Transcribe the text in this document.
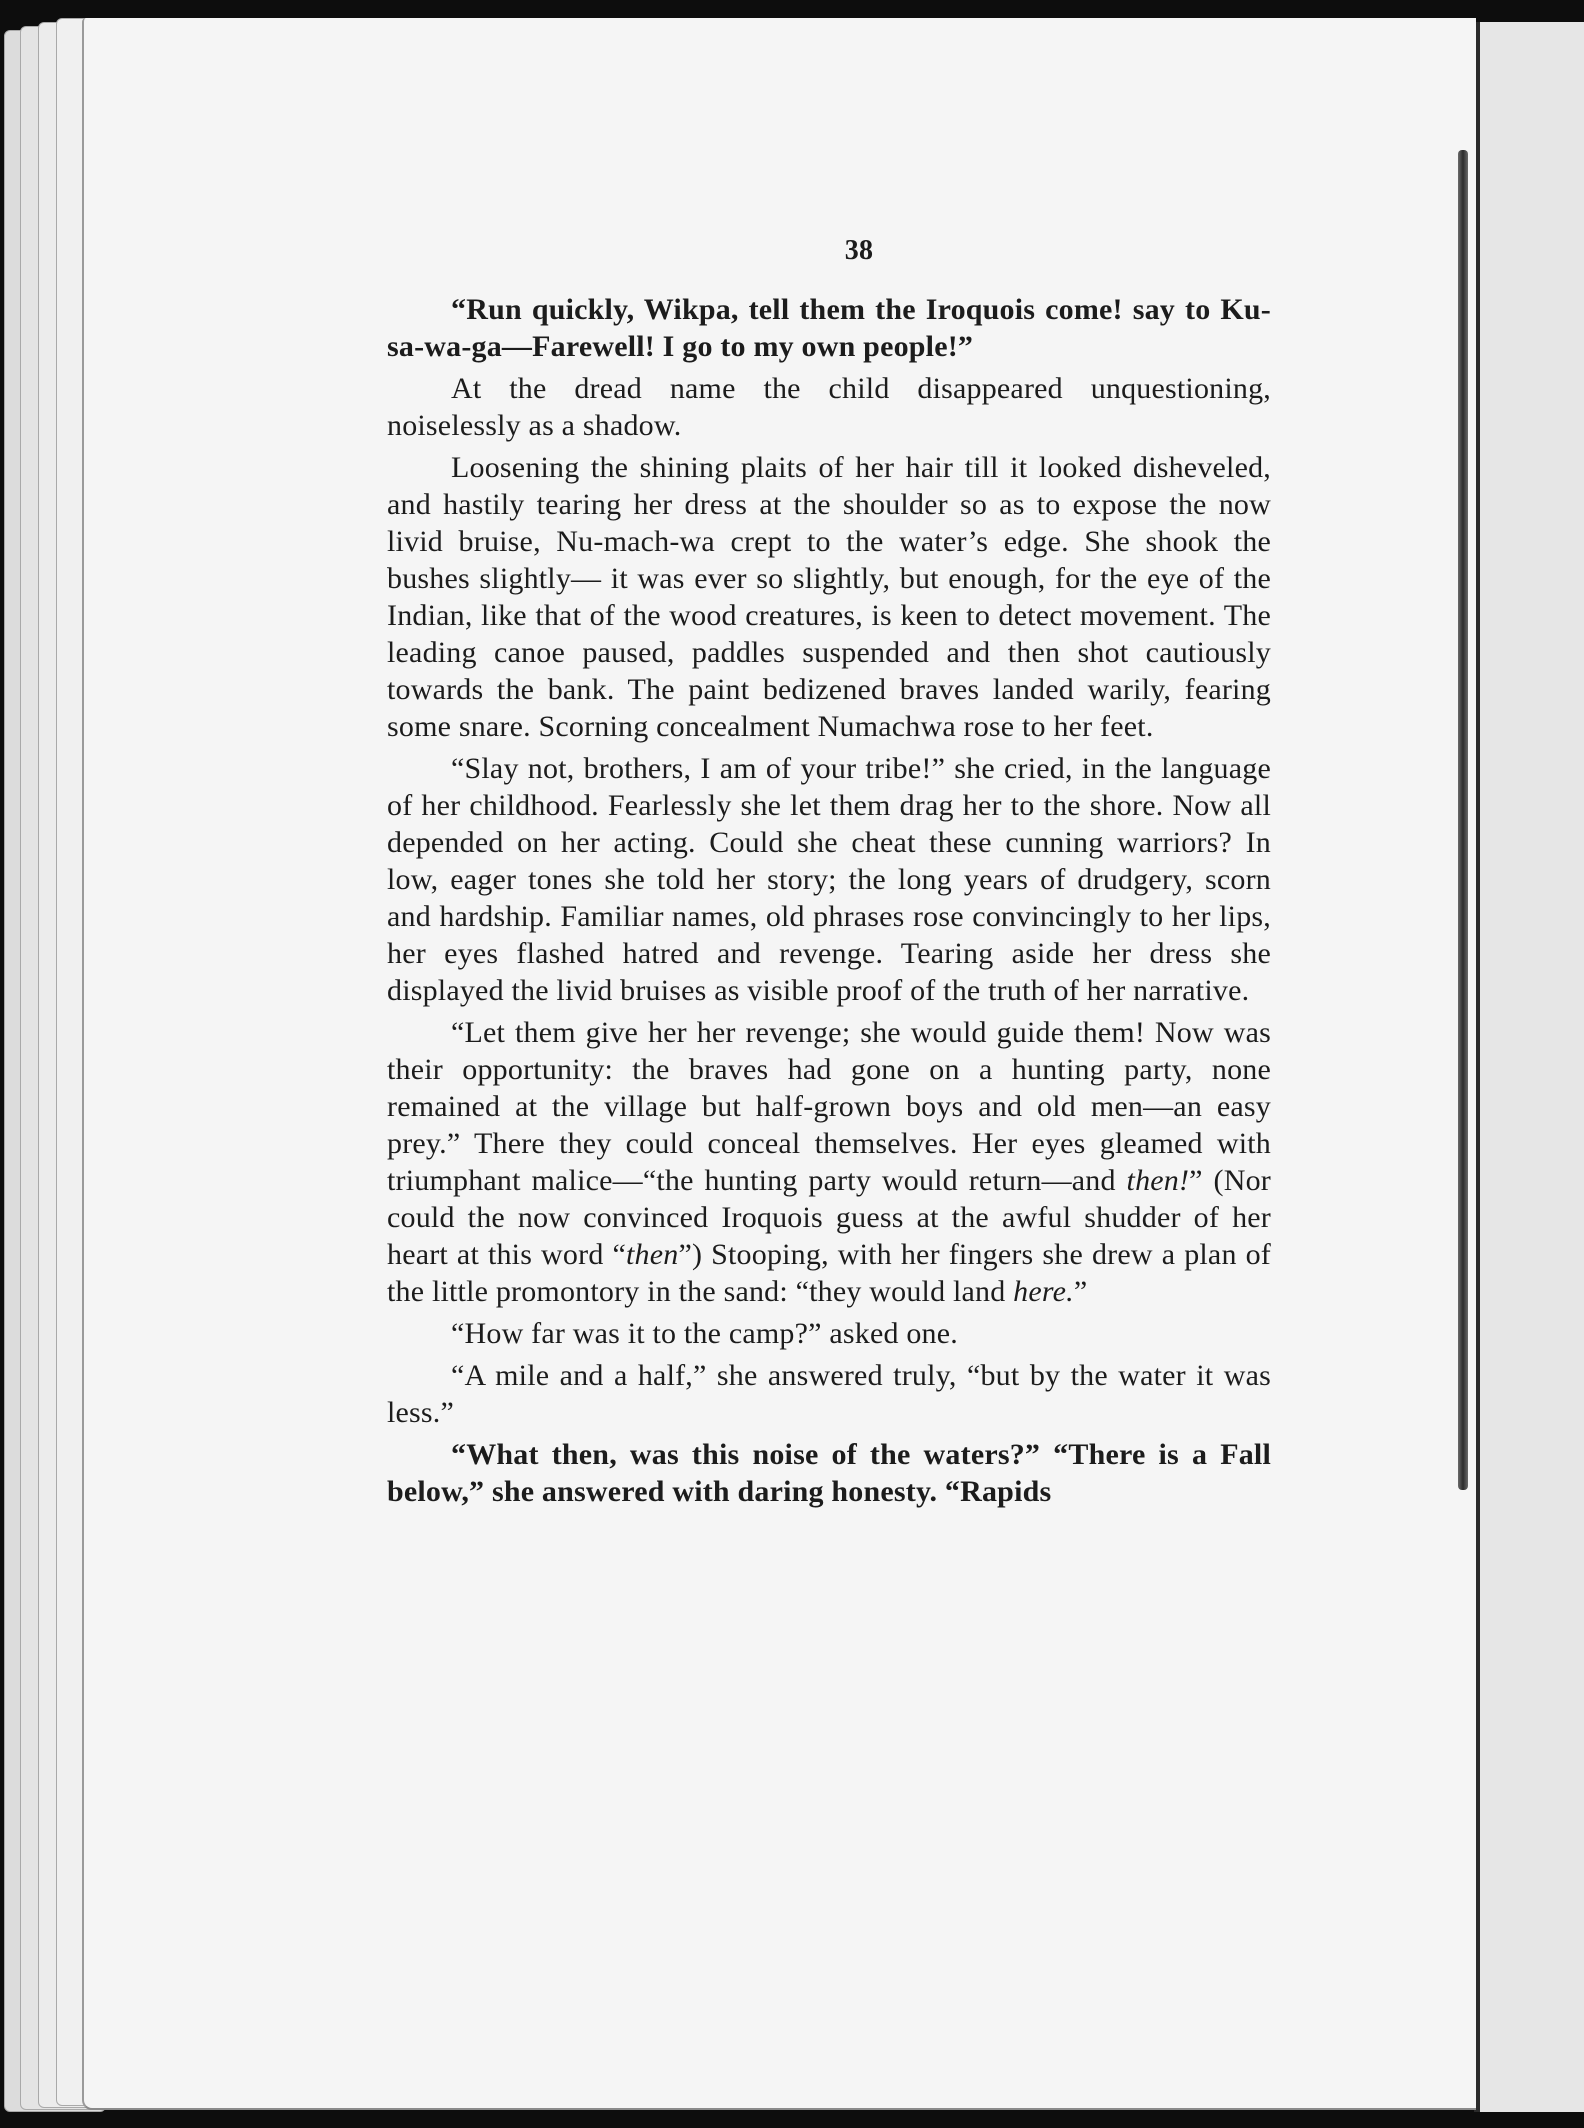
38

“Run quickly, Wikpa, tell them the Iroquois come! say to Ku-sa-wa-ga—Farewell! I go to my own people!”

At the dread name the child disappeared unquestioning, noiselessly as a shadow.

Loosening the shining plaits of her hair till it looked disheveled, and hastily tearing her dress at the shoulder so as to expose the now livid bruise, Nu-mach-wa crept to the water’s edge. She shook the bushes slightly— it was ever so slightly, but enough, for the eye of the Indian, like that of the wood creatures, is keen to detect movement. The leading canoe paused, paddles suspended and then shot cautiously towards the bank. The paint bedizened braves landed warily, fearing some snare. Scorning concealment Numachwa rose to her feet.

“Slay not, brothers, I am of your tribe!” she cried, in the language of her childhood. Fearlessly she let them drag her to the shore. Now all depended on her acting. Could she cheat these cunning warriors? In low, eager tones she told her story; the long years of drudgery, scorn and hardship. Familiar names, old phrases rose convincingly to her lips, her eyes flashed hatred and revenge. Tearing aside her dress she displayed the livid bruises as visible proof of the truth of her narrative.

“Let them give her her revenge; she would guide them! Now was their opportunity: the braves had gone on a hunting party, none remained at the village but half-grown boys and old men—an easy prey.” There they could conceal themselves. Her eyes gleamed with triumphant malice—“the hunting party would return—and then!” (Nor could the now convinced Iroquois guess at the awful shudder of her heart at this word “then”) Stooping, with her fingers she drew a plan of the little promontory in the sand: “they would land here.”

“How far was it to the camp?” asked one.

“A mile and a half,” she answered truly, “but by the water it was less.”

“What then, was this noise of the waters?” “There is a Fall below,” she answered with daring honesty. “Rapids
